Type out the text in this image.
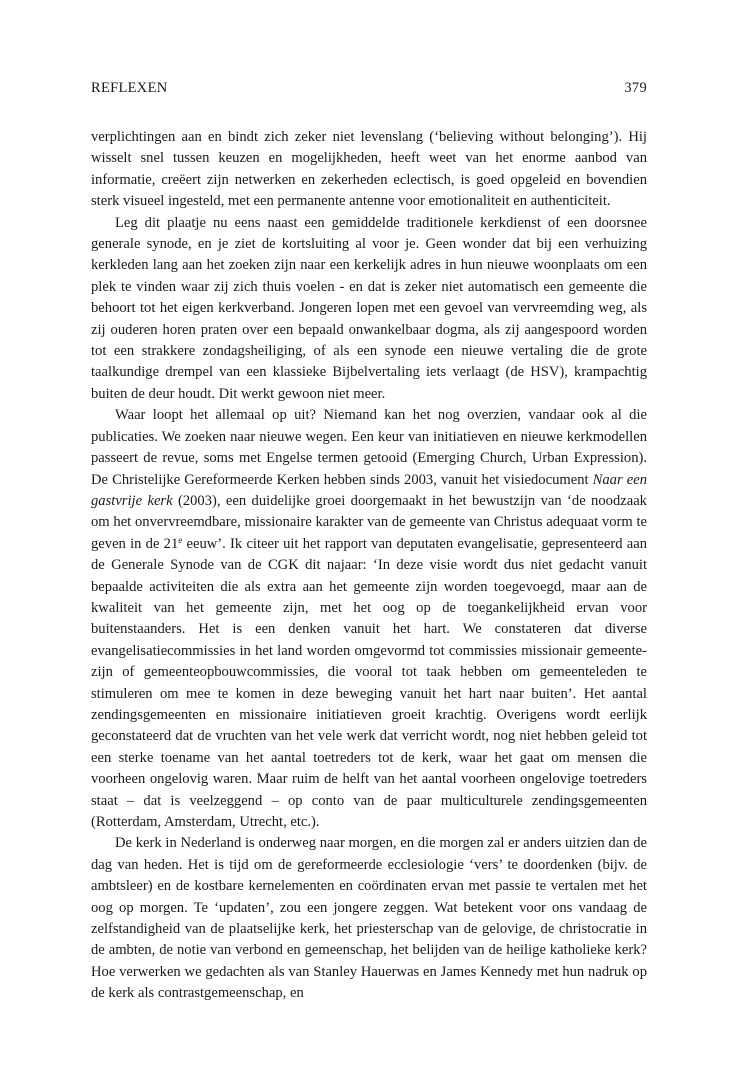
REFLEXEN	379

verplichtingen aan en bindt zich zeker niet levenslang (‘believing without belonging’). Hij wisselt snel tussen keuzen en mogelijkheden, heeft weet van het enorme aanbod van informatie, creëert zijn netwerken en zekerheden eclectisch, is goed opgeleid en bovendien sterk visueel ingesteld, met een permanente antenne voor emotionaliteit en authenticiteit.

Leg dit plaatje nu eens naast een gemiddelde traditionele kerkdienst of een doorsnee generale synode, en je ziet de kortsluiting al voor je. Geen wonder dat bij een verhuizing kerkleden lang aan het zoeken zijn naar een kerkelijk adres in hun nieuwe woonplaats om een plek te vinden waar zij zich thuis voelen - en dat is zeker niet automatisch een gemeente die behoort tot het eigen kerkverband. Jongeren lopen met een gevoel van vervreemding weg, als zij ouderen horen praten over een bepaald onwankelbaar dogma, als zij aangespoord worden tot een strakkere zondagsheiliging, of als een synode een nieuwe vertaling die de grote taalkundige drempel van een klassieke Bijbelvertaling iets verlaagt (de HSV), krampachtig buiten de deur houdt. Dit werkt gewoon niet meer.

Waar loopt het allemaal op uit? Niemand kan het nog overzien, vandaar ook al die publicaties. We zoeken naar nieuwe wegen. Een keur van initiatieven en nieuwe kerkmodellen passeert de revue, soms met Engelse termen getooid (Emerging Church, Urban Expression). De Christelijke Gereformeerde Kerken hebben sinds 2003, vanuit het visiedocument Naar een gastvrije kerk (2003), een duidelijke groei doorgemaakt in het bewustzijn van ‘de noodzaak om het onvervreemdbare, missionaire karakter van de gemeente van Christus adequaat vorm te geven in de 21e eeuw’. Ik citeer uit het rapport van deputaten evangelisatie, gepresenteerd aan de Generale Synode van de CGK dit najaar: ‘In deze visie wordt dus niet gedacht vanuit bepaalde activiteiten die als extra aan het gemeente zijn worden toegevoegd, maar aan de kwaliteit van het gemeente zijn, met het oog op de toegankelijkheid ervan voor buitenstaanders. Het is een denken vanuit het hart. We constateren dat diverse evangelisatiecommissies in het land worden omgevormd tot commissies missionair gemeente-zijn of gemeenteopbouwcommissies, die vooral tot taak hebben om gemeenteleden te stimuleren om mee te komen in deze beweging vanuit het hart naar buiten’. Het aantal zendingsgemeenten en missionaire initiatieven groeit krachtig. Overigens wordt eerlijk geconstateerd dat de vruchten van het vele werk dat verricht wordt, nog niet hebben geleid tot een sterke toename van het aantal toetreders tot de kerk, waar het gaat om mensen die voorheen ongelovig waren. Maar ruim de helft van het aantal voorheen ongelovige toetreders staat – dat is veelzeggend – op conto van de paar multiculturele zendingsgemeenten (Rotterdam, Amsterdam, Utrecht, etc.).

De kerk in Nederland is onderweg naar morgen, en die morgen zal er anders uitzien dan de dag van heden. Het is tijd om de gereformeerde ecclesiologie ‘vers’ te doordenken (bijv. de ambtsleer) en de kostbare kernelementen en coördinaten ervan met passie te vertalen met het oog op morgen. Te ‘updaten’, zou een jongere zeggen. Wat betekent voor ons vandaag de zelfstandigheid van de plaatselijke kerk, het priesterschap van de gelovige, de christocratie in de ambten, de notie van verbond en gemeenschap, het belijden van de heilige katholieke kerk? Hoe verwerken we gedachten als van Stanley Hauerwas en James Kennedy met hun nadruk op de kerk als contrastgemeenschap, en
